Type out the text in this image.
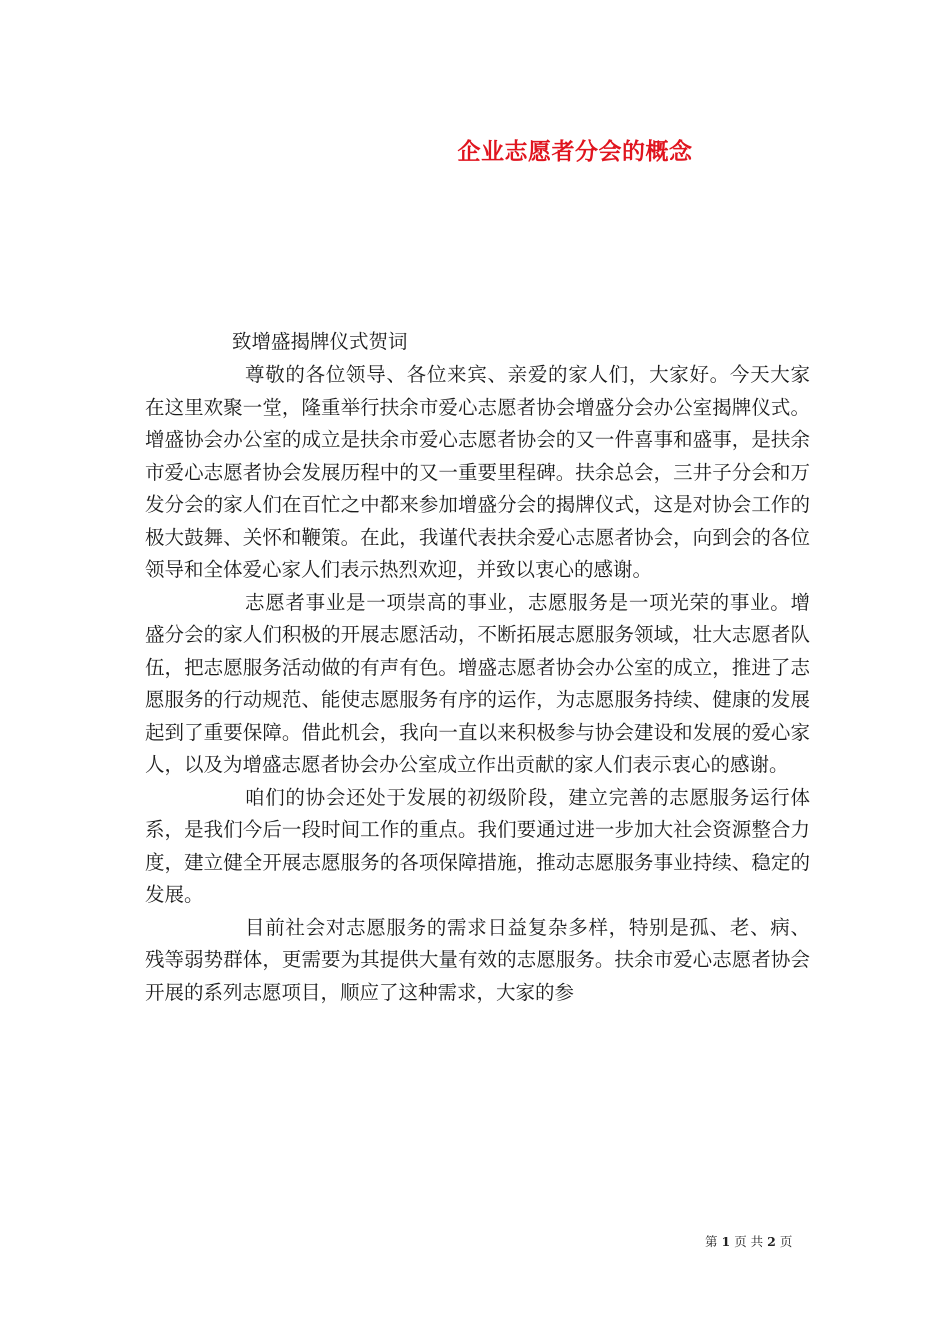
企业志愿者分会的概念
致增盛揭牌仪式贺词

尊敬的各位领导、各位来宾、亲爱的家人们，大家好。今天大家在这里欢聚一堂，隆重举行扶余市爱心志愿者协会增盛分会办公室揭牌仪式。增盛协会办公室的成立是扶余市爱心志愿者协会的又一件喜事和盛事，是扶余市爱心志愿者协会发展历程中的又一重要里程碑。扶余总会，三井子分会和万发分会的家人们在百忙之中都来参加增盛分会的揭牌仪式，这是对协会工作的极大鼓舞、关怀和鞭策。在此，我谨代表扶余爱心志愿者协会，向到会的各位领导和全体爱心家人们表示热烈欢迎，并致以衷心的感谢。

志愿者事业是一项崇高的事业，志愿服务是一项光荣的事业。增盛分会的家人们积极的开展志愿活动，不断拓展志愿服务领域，壮大志愿者队伍，把志愿服务活动做的有声有色。增盛志愿者协会办公室的成立，推进了志愿服务的行动规范、能使志愿服务有序的运作，为志愿服务持续、健康的发展起到了重要保障。借此机会，我向一直以来积极参与协会建设和发展的爱心家人，以及为增盛志愿者协会办公室成立作出贡献的家人们表示衷心的感谢。

咱们的协会还处于发展的初级阶段，建立完善的志愿服务运行体系，是我们今后一段时间工作的重点。我们要通过进一步加大社会资源整合力度，建立健全开展志愿服务的各项保障措施，推动志愿服务事业持续、稳定的发展。

目前社会对志愿服务的需求日益复杂多样，特别是孤、老、病、残等弱势群体，更需要为其提供大量有效的志愿服务。扶余市爱心志愿者协会开展的系列志愿项目，顺应了这种需求，大家的参

第 1 页 共 2 页
